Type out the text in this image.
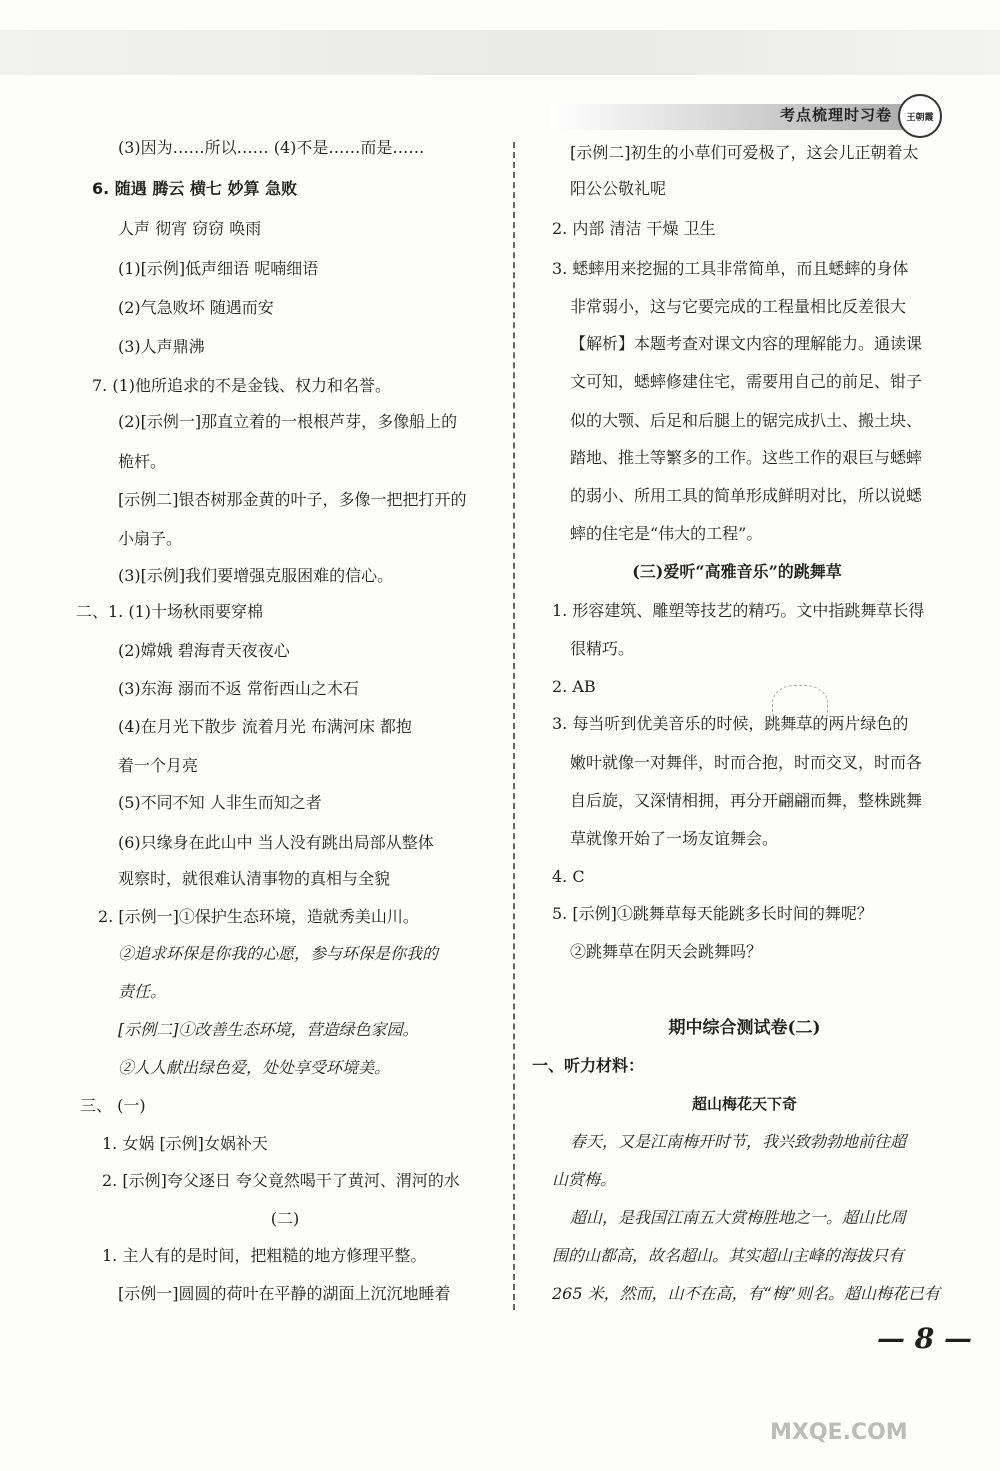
考点梳理时习卷	王朝霞
(3)因为……所以…… (4)不是……而是……
6. 随遇 腾云 横七 妙算 急败
人声 彻宵 窃窃 唤雨
(1)[示例]低声细语 呢喃细语
(2)气急败坏 随遇而安
(3)人声鼎沸
7. (1)他所追求的不是金钱、权力和名誉。
(2)[示例一]那直立着的一根根芦芽，多像船上的
桅杆。
[示例二]银杏树那金黄的叶子，多像一把把打开的
小扇子。
(3)[示例]我们要增强克服困难的信心。
二、1. (1)十场秋雨要穿棉
(2)嫦娥 碧海青天夜夜心
(3)东海 溺而不返 常衔西山之木石
(4)在月光下散步 流着月光 布满河床 都抱
着一个月亮
(5)不同不知 人非生而知之者
(6)只缘身在此山中 当人没有跳出局部从整体
观察时，就很难认清事物的真相与全貌
2. [示例一]①保护生态环境，造就秀美山川。
②追求环保是你我的心愿，参与环保是你我的
责任。
[示例二]①改善生态环境，营造绿色家园。
②人人献出绿色爱，处处享受环境美。
三、 (一)
1. 女娲 [示例]女娲补天
2. [示例]夸父逐日 夸父竟然喝干了黄河、渭河的水
(二)
1. 主人有的是时间，把粗糙的地方修理平整。
[示例一]圆圆的荷叶在平静的湖面上沉沉地睡着
[示例二]初生的小草们可爱极了，这会儿正朝着太
阳公公敬礼呢
2. 内部 清洁 干燥 卫生
3. 蟋蟀用来挖掘的工具非常简单，而且蟋蟀的身体
非常弱小，这与它要完成的工程量相比反差很大
【解析】本题考查对课文内容的理解能力。通读课
文可知，蟋蟀修建住宅，需要用自己的前足、钳子
似的大颚、后足和后腿上的锯完成扒土、搬土块、
踏地、推土等繁多的工作。这些工作的艰巨与蟋蟀
的弱小、所用工具的简单形成鲜明对比，所以说蟋
蟀的住宅是“伟大的工程”。
(三)爱听“高雅音乐”的跳舞草
1. 形容建筑、雕塑等技艺的精巧。文中指跳舞草长得
很精巧。
2. AB
3. 每当听到优美音乐的时候，跳舞草的两片绿色的
嫩叶就像一对舞伴，时而合抱，时而交叉，时而各
自后旋，又深情相拥，再分开翩翩而舞，整株跳舞
草就像开始了一场友谊舞会。
4. C
5. [示例]①跳舞草每天能跳多长时间的舞呢？
②跳舞草在阴天会跳舞吗？
期中综合测试卷(二)
一、听力材料：
超山梅花天下奇
春天，又是江南梅开时节，我兴致勃勃地前往超
山赏梅。
超山，是我国江南五大赏梅胜地之一。超山比周
围的山都高，故名超山。其实超山主峰的海拔只有
265 米，然而，山不在高，有“梅”则名。超山梅花已有
— 8 —
MXQE.COM
